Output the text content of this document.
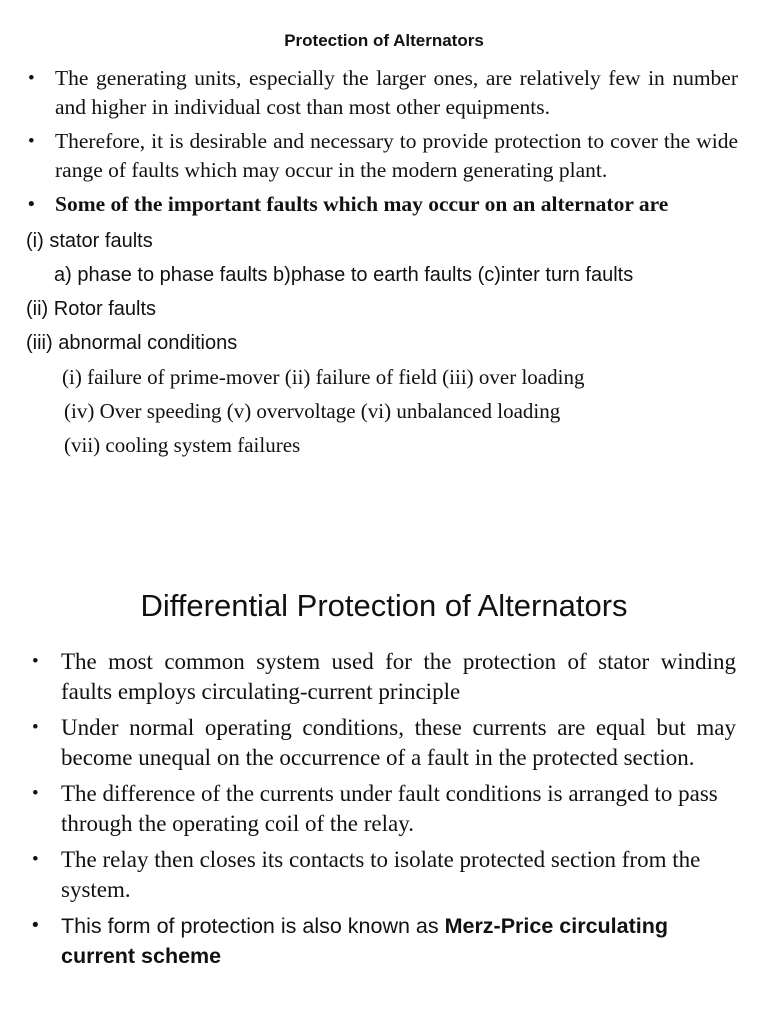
Protection of Alternators
• The generating units, especially the larger ones, are relatively few in number and higher in individual cost than most other equipments.
• Therefore, it is desirable and necessary to provide protection to cover the wide range of faults which may occur in the modern generating plant.
• Some of the important faults which may occur on an alternator are
(i) stator faults
a) phase to phase faults b)phase to earth faults (c)inter turn faults
(ii) Rotor faults
(iii) abnormal conditions
(i) failure of prime-mover (ii) failure of field (iii) over loading
(iv) Over speeding (v) overvoltage (vi) unbalanced loading
(vii) cooling system failures
Differential Protection of Alternators
• The most common system used for the protection of stator winding faults employs circulating-current principle
• Under normal operating conditions, these currents are equal but may become unequal on the occurrence of a fault in the protected section.
• The difference of the currents under fault conditions is arranged to pass through the operating coil of the relay.
• The relay then closes its contacts to isolate protected section from the system.
• This form of protection is also known as Merz-Price circulating current scheme
